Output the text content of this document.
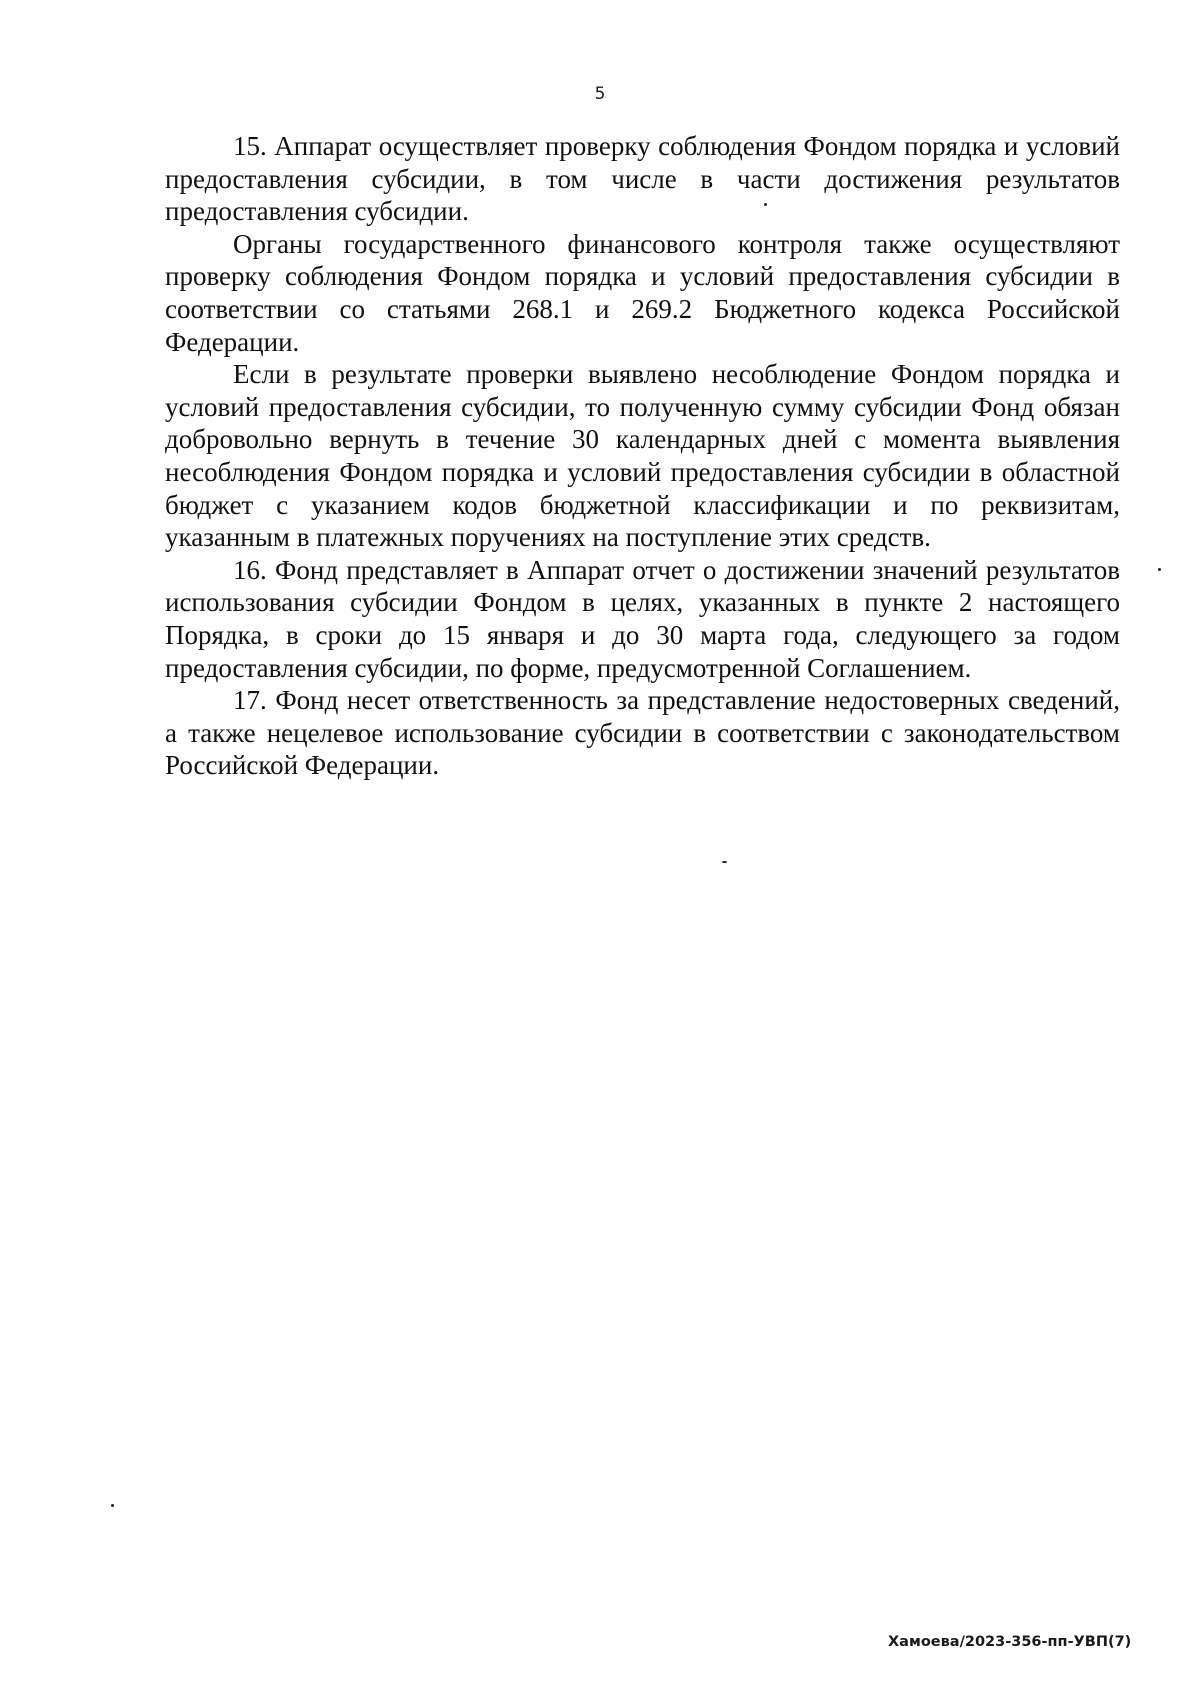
5

15. Аппарат осуществляет проверку соблюдения Фондом порядка и условий предоставления субсидии, в том числе в части достижения результатов предоставления субсидии.

Органы государственного финансового контроля также осуществляют проверку соблюдения Фондом порядка и условий предоставления субсидии в соответствии со статьями 268.1 и 269.2 Бюджетного кодекса Российской Федерации.

Если в результате проверки выявлено несоблюдение Фондом порядка и условий предоставления субсидии, то полученную сумму субсидии Фонд обязан добровольно вернуть в течение 30 календарных дней с момента выявления несоблюдения Фондом порядка и условий предоставления субсидии в областной бюджет с указанием кодов бюджетной классификации и по реквизитам, указанным в платежных поручениях на поступление этих средств.

16. Фонд представляет в Аппарат отчет о достижении значений результатов использования субсидии Фондом в целях, указанных в пункте 2 настоящего Порядка, в сроки до 15 января и до 30 марта года, следующего за годом предоставления субсидии, по форме, предусмотренной Соглашением.

17. Фонд несет ответственность за представление недостоверных сведений, а также нецелевое использование субсидии в соответствии с законодательством Российской Федерации.

Хамоева/2023-356-пп-УВП(7)
